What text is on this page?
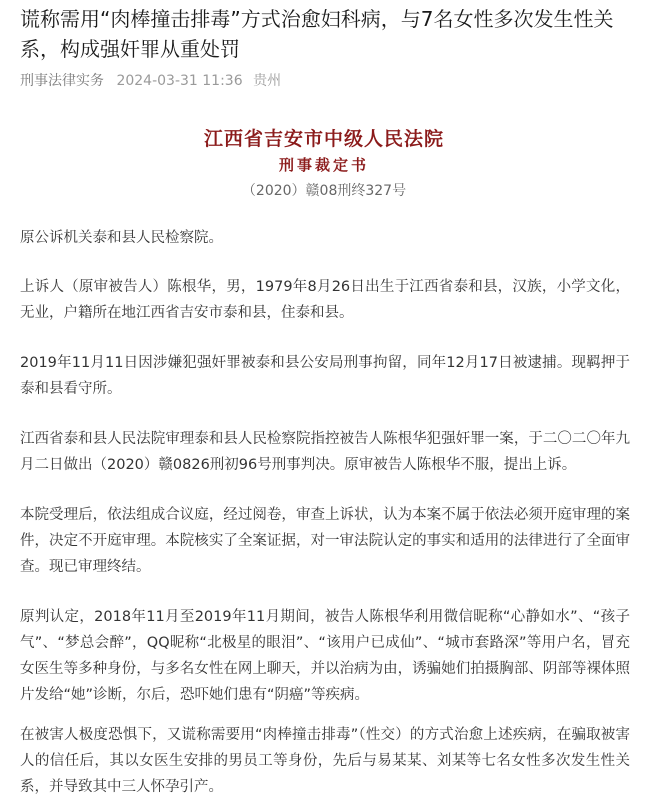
谎称需用“肉棒撞击排毒”方式治愈妇科病，与7名女性多次发生性关系，构成强奸罪从重处罚
刑事法律实务 2024-03-31 11:36 贵州
江西省吉安市中级人民法院
刑事裁定书
（2020）赣08刑终327号
原公诉机关泰和县人民检察院。
上诉人（原审被告人）陈根华，男，1979年8月26日出生于江西省泰和县，汉族，小学文化，无业，户籍所在地江西省吉安市泰和县，住泰和县。
2019年11月11日因涉嫌犯强奸罪被泰和县公安局刑事拘留，同年12月17日被逮捕。现羁押于泰和县看守所。
江西省泰和县人民法院审理泰和县人民检察院指控被告人陈根华犯强奸罪一案，于二〇二〇年九月二日做出（2020）赣0826刑初96号刑事判决。原审被告人陈根华不服，提出上诉。
本院受理后，依法组成合议庭，经过阅卷，审查上诉状，认为本案不属于依法必须开庭审理的案件，决定不开庭审理。本院核实了全案证据，对一审法院认定的事实和适用的法律进行了全面审查。现已审理终结。
原判认定，2018年11月至2019年11月期间，被告人陈根华利用微信昵称“心静如水”、“孩子气”、“梦总会醉”，QQ昵称“北极星的眼泪”、“该用户已成仙”、“城市套路深”等用户名，冒充女医生等多种身份，与多名女性在网上聊天，并以治病为由，诱骗她们拍摄胸部、阴部等裸体照片发给“她”诊断，尔后，恐吓她们患有“阴癌”等疾病。
在被害人极度恐惧下，又谎称需要用“肉棒撞击排毒”（性交）的方式治愈上述疾病，在骗取被害人的信任后，其以女医生安排的男员工等身份，先后与易某某、刘某等七名女性多次发生性关系，并导致其中三人怀孕引产。
